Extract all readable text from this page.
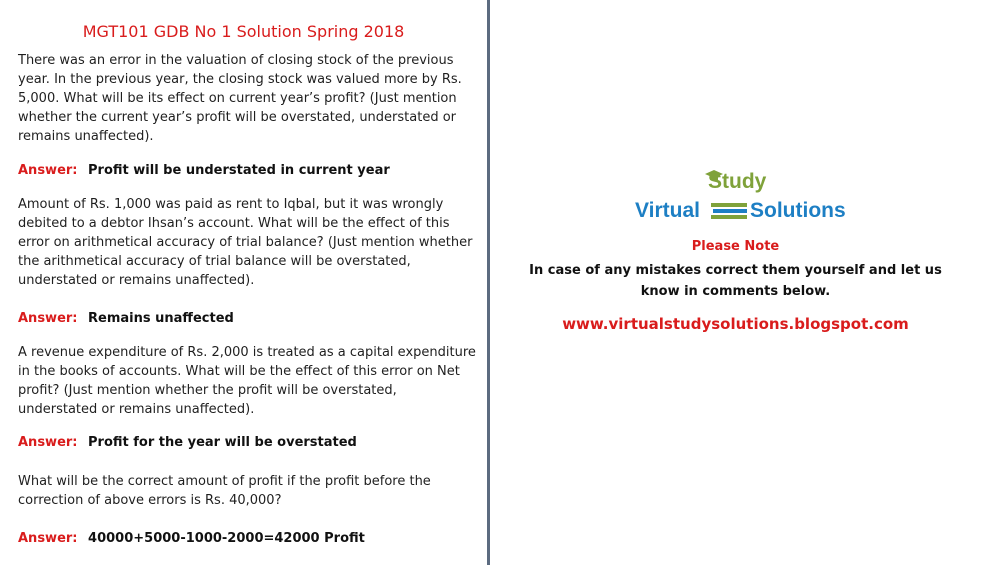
MGT101 GDB No 1 Solution Spring 2018
There was an error in the valuation of closing stock of the previous year. In the previous year, the closing stock was valued more by Rs. 5,000. What will be its effect on current year’s profit? (Just mention whether the current year’s profit will be overstated, understated or remains unaffected).
Answer: Profit will be understated in current year
Amount of Rs. 1,000 was paid as rent to Iqbal, but it was wrongly debited to a debtor Ihsan’s account. What will be the effect of this error on arithmetical accuracy of trial balance? (Just mention whether the arithmetical accuracy of trial balance will be overstated, understated or remains unaffected).
Answer: Remains unaffected
A revenue expenditure of Rs. 2,000 is treated as a capital expenditure in the books of accounts. What will be the effect of this error on Net profit? (Just mention whether the profit will be overstated, understated or remains unaffected).
Answer: Profit for the year will be overstated
What will be the correct amount of profit if the profit before the correction of above errors is Rs. 40,000?
Answer: 40000+5000-1000-2000=42000 Profit
Study
Virtual Solutions
Please Note
In case of any mistakes correct them yourself and let us know in comments below.
www.virtualstudysolutions.blogspot.com
